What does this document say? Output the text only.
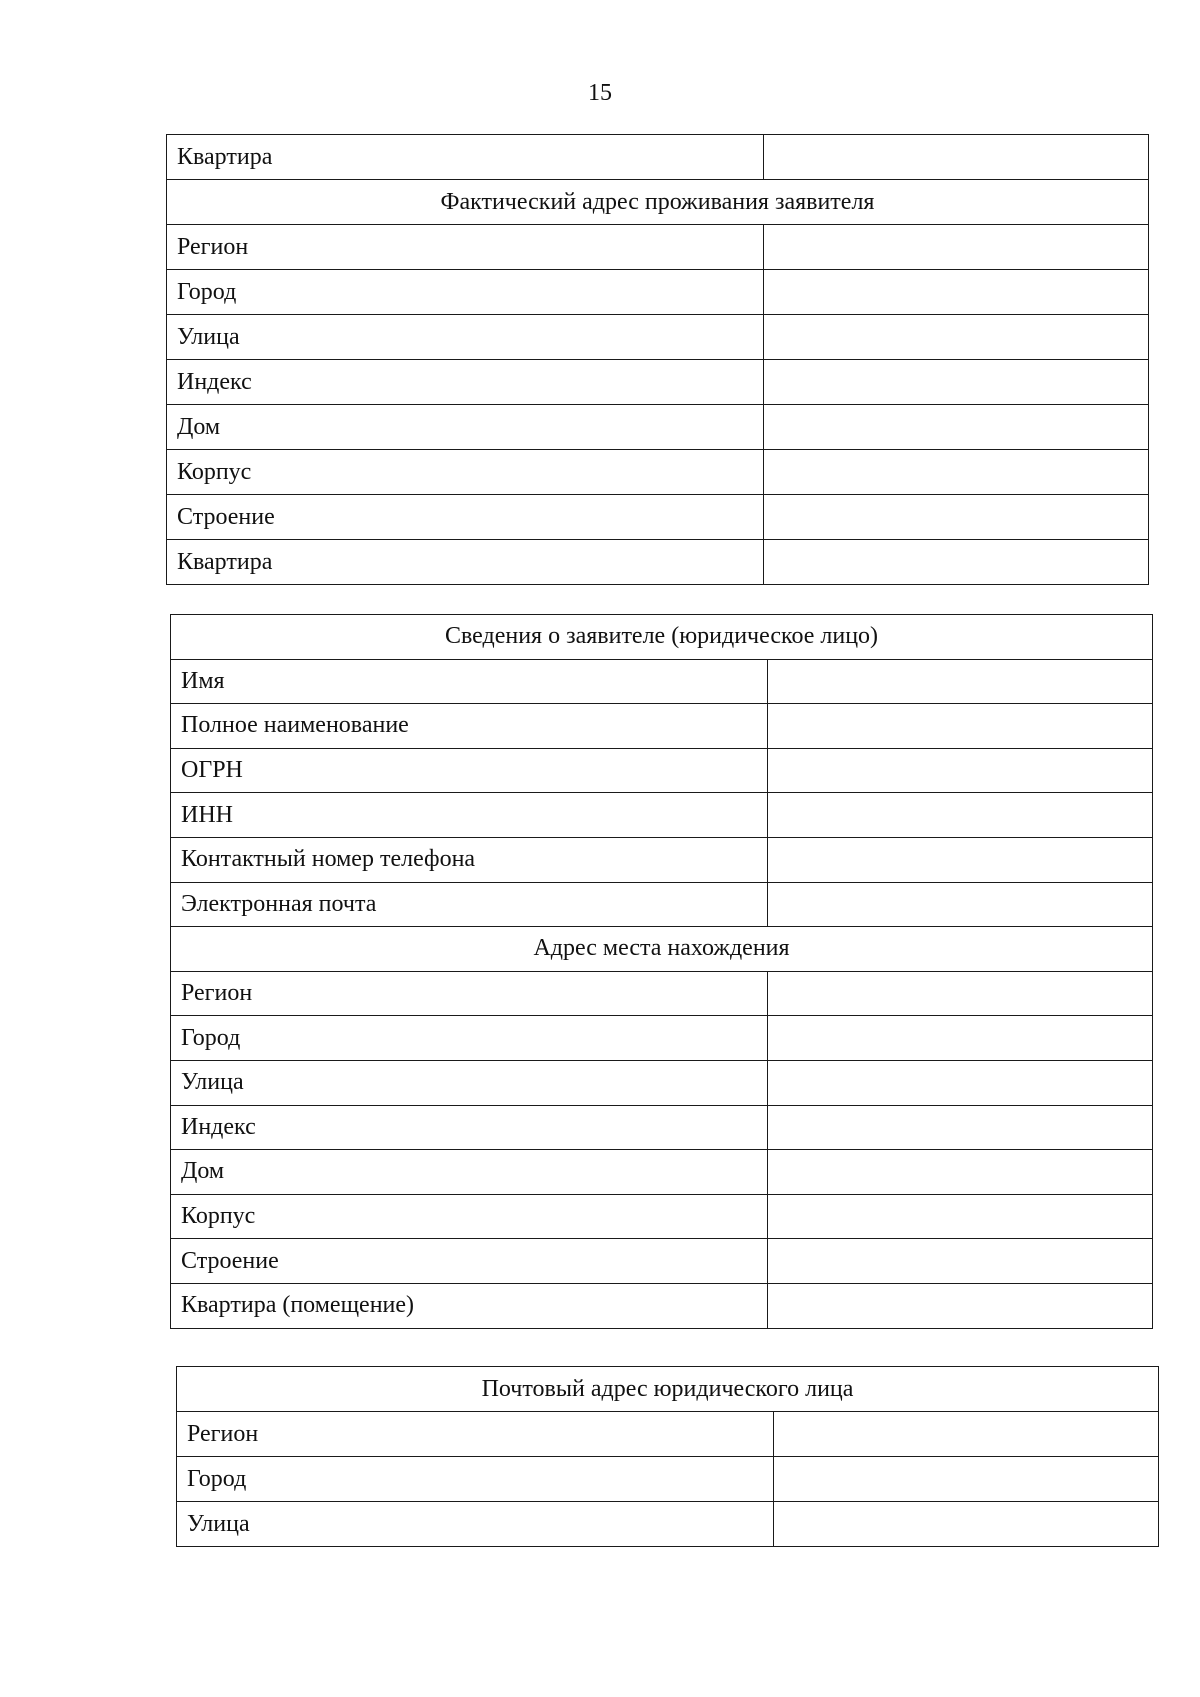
15
Квартира	
Фактический адрес проживания заявителя	
Регион	
Город	
Улица	
Индекс	
Дом	
Корпус	
Строение	
Квартира	
Сведения о заявителе (юридическое лицо)	
Имя	
Полное наименование	
ОГРН	
ИНН	
Контактный номер телефона	
Электронная почта	
Адрес места нахождения	
Регион	
Город	
Улица	
Индекс	
Дом	
Корпус	
Строение	
Квартира (помещение)	
Почтовый адрес юридического лица	
Регион	
Город	
Улица	
